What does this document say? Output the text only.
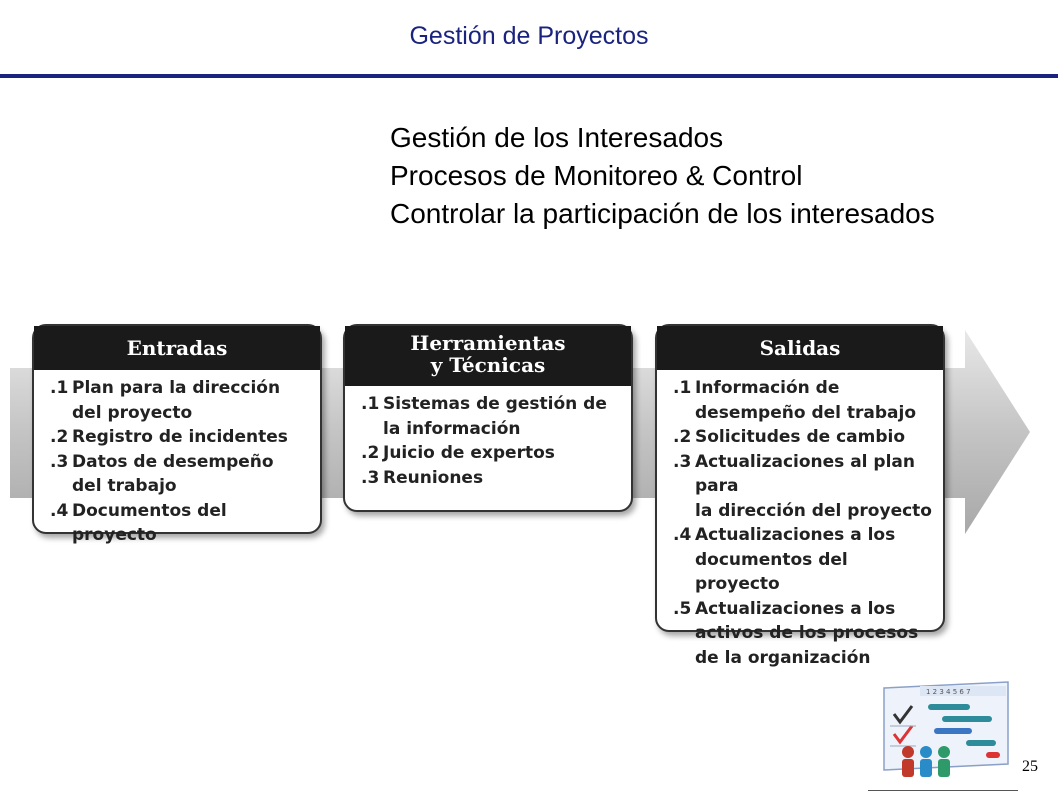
Gestión de Proyectos
Gestión de los Interesados
Procesos de Monitoreo & Control
Controlar la participación de los interesados
Entradas
.1 Plan para la dirección
del proyecto
.2 Registro de incidentes
.3 Datos de desempeño
del trabajo
.4 Documentos del proyecto
Herramientas
y Técnicas
.1 Sistemas de gestión de
la información
.2 Juicio de expertos
.3 Reuniones
Salidas
.1 Información de
desempeño del trabajo
.2 Solicitudes de cambio
.3 Actualizaciones al plan para
la dirección del proyecto
.4 Actualizaciones a los
documentos del proyecto
.5 Actualizaciones a los
activos de los procesos
de la organización
1 2 3 4 5 6 7
25
